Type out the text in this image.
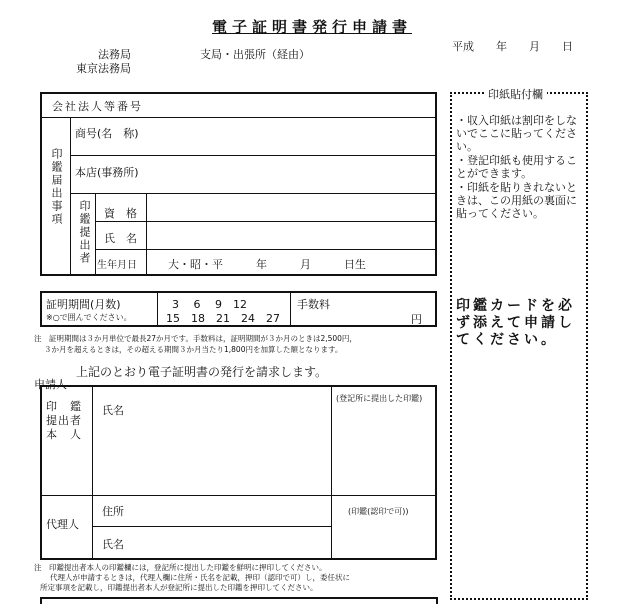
電子証明書発行申請書
平成　　年　　月　　日
法務局
東京法務局
支局・出張所（経由）
会社法人等番号
印鑑届出事項
商号(名　称)
本店(事務所)
印鑑提出者 資　格
氏　名
生年月日	大・昭・平　　　年　　　月　　　日生
印紙貼付欄
・収入印紙は割印をしないでここに貼ってください。
・登記印紙も使用することができます。
・印紙を貼りきれないときは、この用紙の裏面に貼ってください。
印鑑カードを必ず添えて申請してください。
証明期間(月数)
※○で囲んでください。
3　 6　 9　12
15　18　21　24　27
手数料
円
注　証明期間は３か月単位で最長27か月です。手数料は，証明期間が３か月のときは2,500円，
３か月を超えるときは，その超える期間３か月当たり1,800円を加算した額となります。
上記のとおり電子証明書の発行を請求します。
申請人
印　鑑提出者本　人
氏名
(登記所に提出した印鑑)
代理人
住所	(印鑑(認印で可))
氏名
注　印鑑提出者本人の印鑑欄には，登記所に提出した印鑑を鮮明に押印してください。
代理人が申請するときは，代理人欄に住所・氏名を記載，押印（認印で可）し，委任状に
所定事項を記載し，印鑑提出者本人が登記所に提出した印鑑を押印してください。
